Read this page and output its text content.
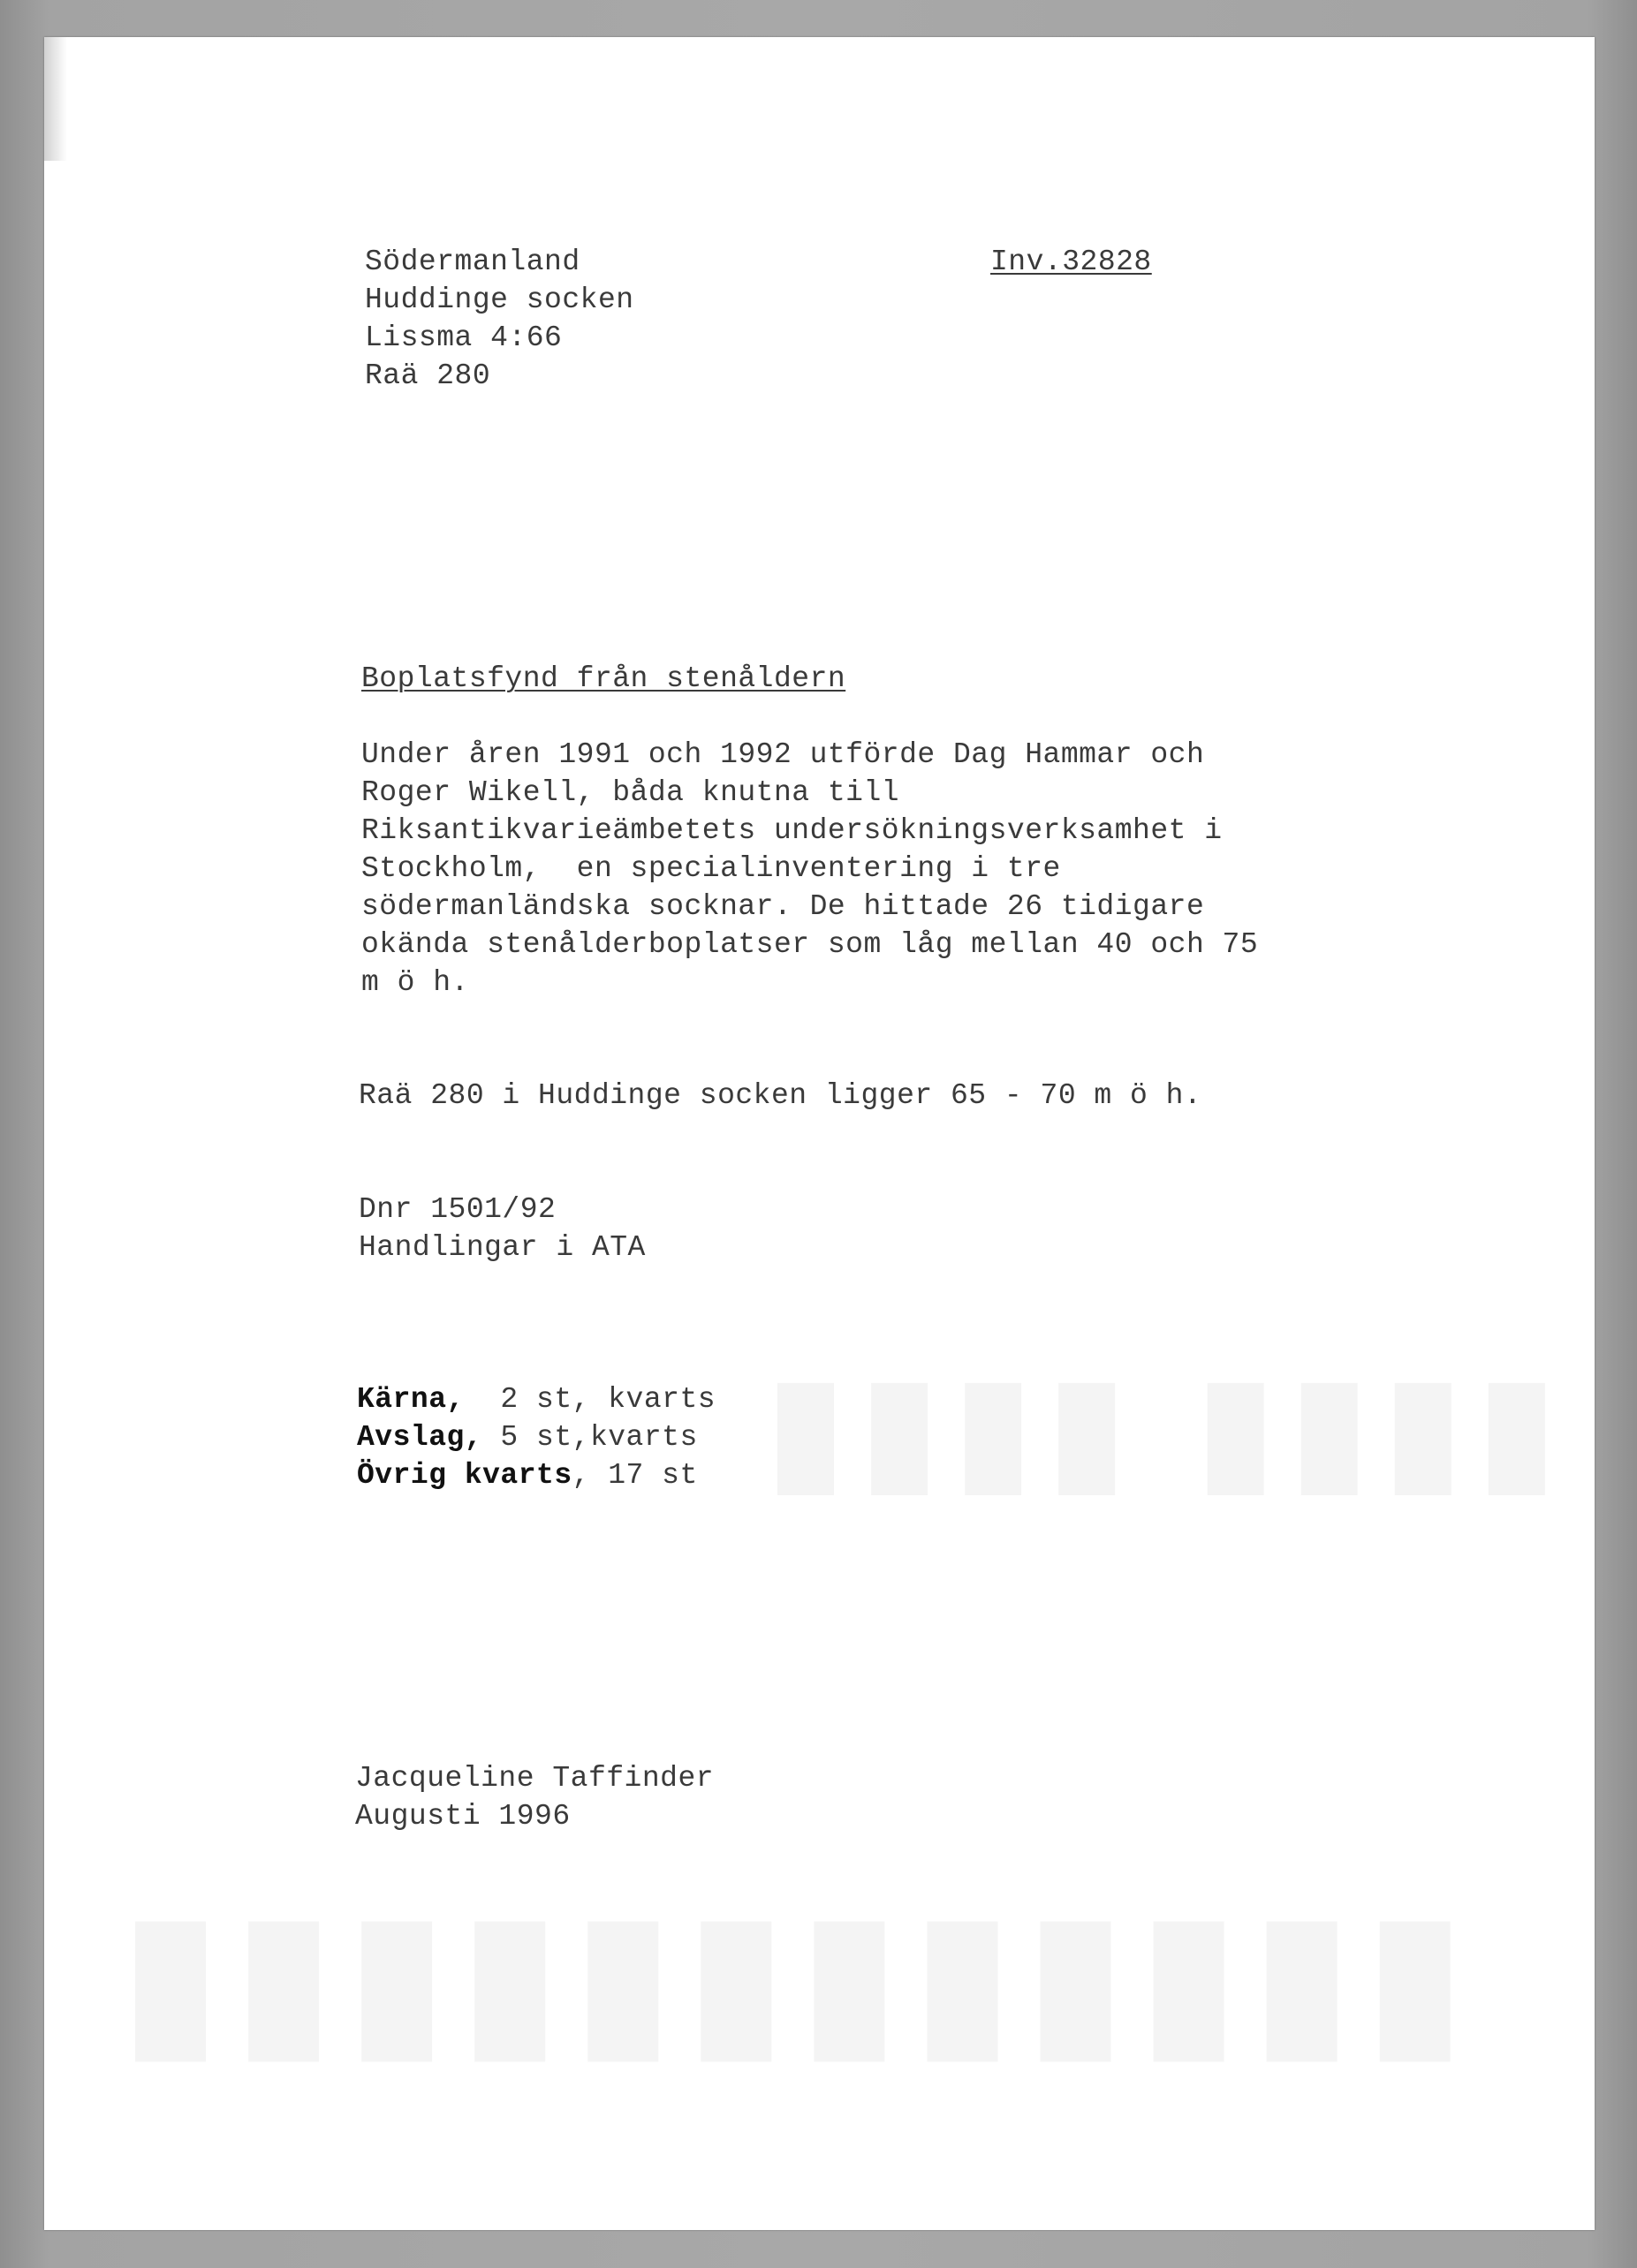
Södermanland	Inv.32828
Huddinge socken
Lissma 4:66
Raä 280
Boplatsfynd från stenåldern
Under åren 1991 och 1992 utförde Dag Hammar och
Roger Wikell, båda knutna till
Riksantikvarieämbetets undersökningsverksamhet i
Stockholm,  en specialinventering i tre
södermanländska socknar. De hittade 26 tidigare
okända stenålderboplatser som låg mellan 40 och 75
m ö h.
Raä 280 i Huddinge socken ligger 65 - 70 m ö h.
Dnr 1501/92
Handlingar i ATA
Kärna,  2 st, kvarts
Avslag, 5 st,kvarts
Övrig kvarts, 17 st
Jacqueline Taffinder
Augusti 1996
